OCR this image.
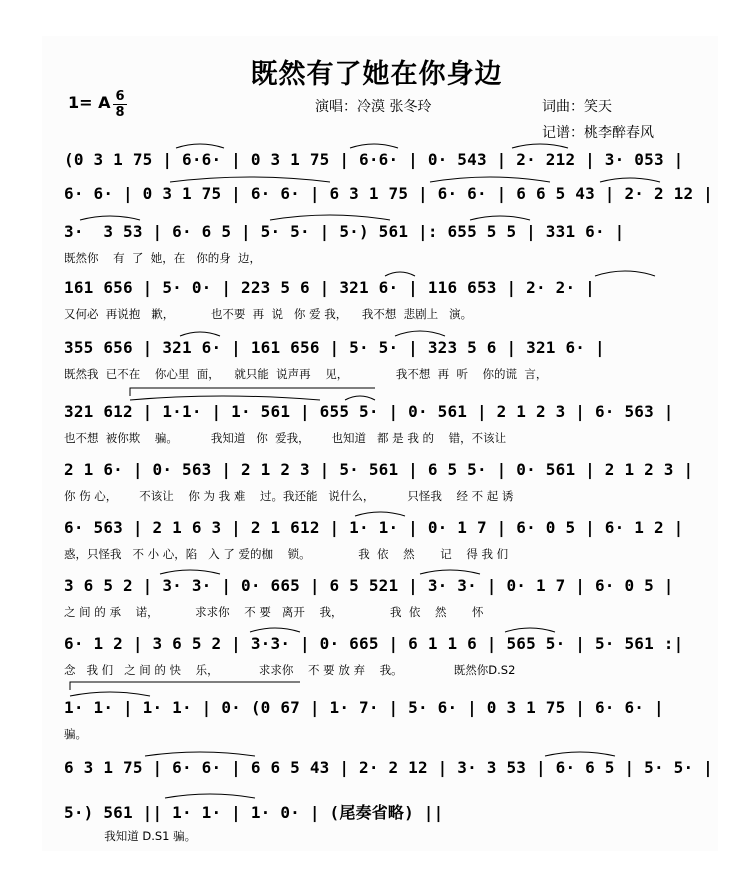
既然有了她在你身边
1= A 6
8	演唱：冷漠 张冬玲	词曲：笑天
记谱：桃李醉春风
(0 3 1 75 | 6·6· | 0 3 1 75 | 6·6· | 0· 543 | 2· 212 | 3· 053 |
6· 6· | 0 3 1 75 | 6· 6· | 6 3 1 75 | 6· 6· | 6 6 5 43 | 2· 2 12 |
3·  3 53 | 6· 6 5 | 5· 5· | 5·) 561 |: 655 5 5 | 331 6· |
既然你    有  了  她，在   你的身  边，
161 656 | 5· 0· | 223 5 6 | 321 6· | 116 653 | 2· 2· |
又何必  再说抱   歉，          也不要  再  说   你 爱 我，    我不想  悲剧上   演。
355 656 | 321 6· | 161 656 | 5· 5· | 323 5 6 | 321 6· |
既然我  已不在    你心里  面，    就只能  说声再    见，             我不想  再  听    你的谎  言，
321 612 | 1·1· | 1· 561 | 655 5· | 0· 561 | 2 1 2 3 | 6· 563 |
也不想  被你欺    骗。         我知道   你  爱我，      也知道   都 是 我 的    错，不该让
2 1 6· | 0· 563 | 2 1 2 3 | 5· 561 | 6 5 5· | 0· 561 | 2 1 2 3 |
你 伤 心，      不该让    你 为 我 难    过。我还能   说什么，         只怪我    经 不 起 诱
6· 563 | 2 1 6 3 | 2 1 612 | 1· 1· | 0· 1 7 | 6· 0 5 | 6· 1 2 |
惑，只怪我   不 小 心，陷   入 了 爱的枷    锁。             我  依    然       记    得 我 们
3 6 5 2 | 3· 3· | 0· 665 | 6 5 521 | 3· 3· | 0· 1 7 | 6· 0 5 |
之 间 的 承    诺，          求求你    不 要   离开    我，             我  依    然       怀
6· 1 2 | 3 6 5 2 | 3·3· | 0· 665 | 6 1 1 6 | 565 5· | 5· 561 :|
念   我 们   之 间 的 快    乐，           求求你    不 要 放 弃    我。              既然你D.S2
1· 1· | 1· 1· | 0· (0 67 | 1· 7· | 5· 6· | 0 3 1 75 | 6· 6· |
骗。
6 3 1 75 | 6· 6· | 6 6 5 43 | 2· 2 12 | 3· 3 53 | 6· 6 5 | 5· 5· |
5·) 561 || 1· 1· | 1· 0· | (尾奏省略) ||
我知道 D.S1 骗。
